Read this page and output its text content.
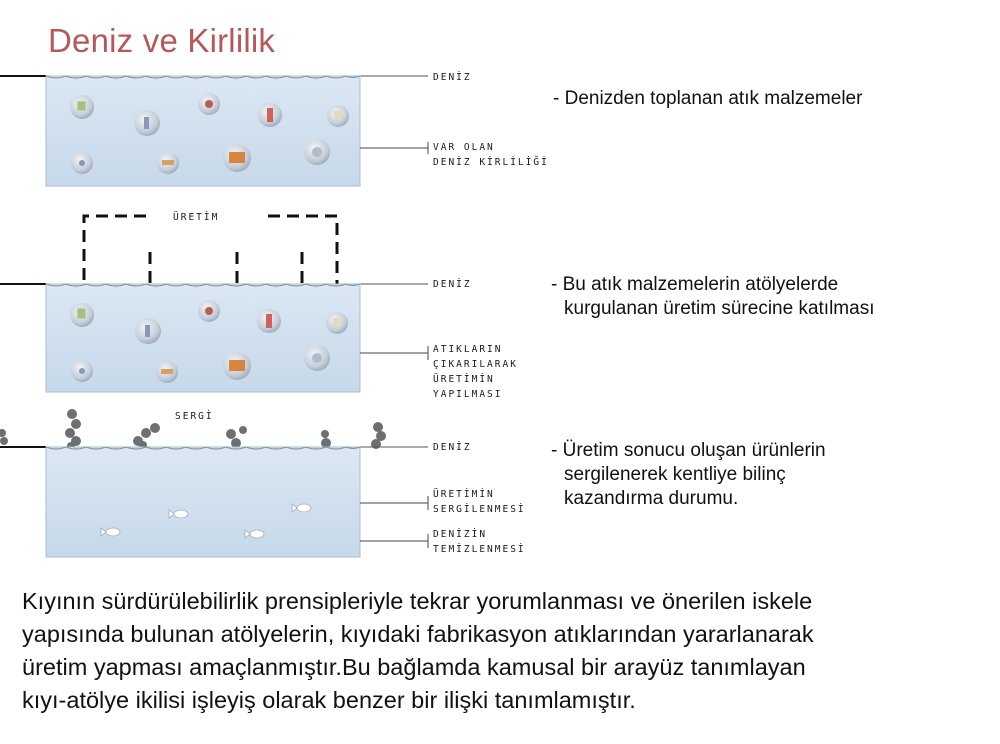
Deniz ve Kirlilik
DENİZ
VAR OLAN
DENİZ KİRLİLİĞİ
ÜRETİM
DENİZ
ATIKLARIN
ÇIKARILARAK
ÜRETİMİN
YAPILMASI
SERGİ
DENİZ
ÜRETİMİN
SERGİLENMESİ
DENİZİN
TEMİZLENMESİ
- Denizden toplanan atık malzemeler
- Bu atık malzemelerin atölyelerde
kurgulanan üretim sürecine katılması
- Üretim sonucu oluşan ürünlerin
sergilenerek kentliye bilinç
kazandırma durumu.
Kıyının sürdürülebilirlik prensipleriyle tekrar yorumlanması ve önerilen iskele
yapısında bulunan atölyelerin, kıyıdaki fabrikasyon atıklarından yararlanarak
üretim yapması amaçlanmıştır.Bu bağlamda kamusal bir arayüz tanımlayan
kıyı-atölye ikilisi işleyiş olarak benzer bir ilişki tanımlamıştır.
